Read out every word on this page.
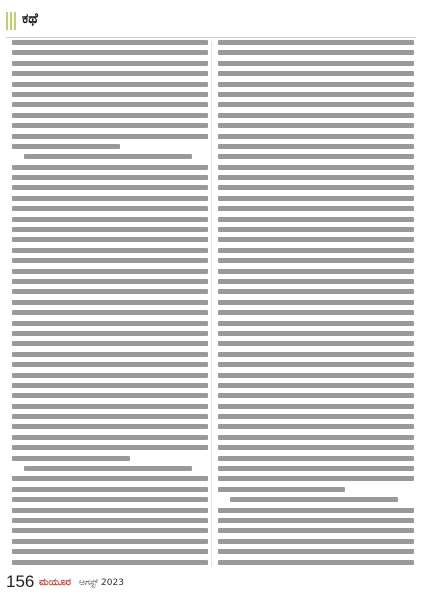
ಕಥೆ
156 ಮಯೂರ ಆಗಸ್ಟ್ 2023
